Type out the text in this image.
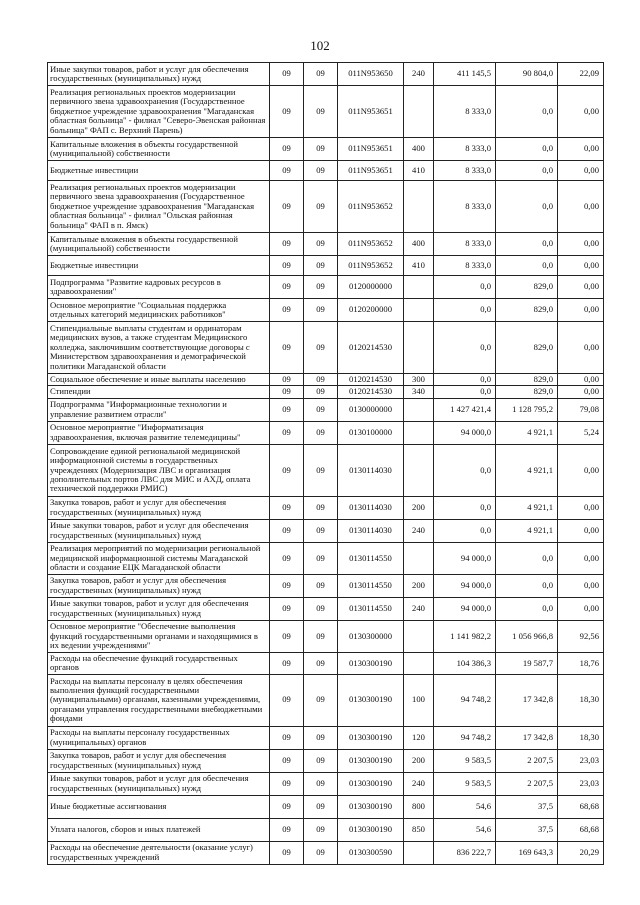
102
Иные закупки товаров, работ и услуг для обеспечения государственных (муниципальных) нужд	09	09	011N953650	240	411 145,5	90 804,0	22,09
Реализация региональных проектов модернизации первичного звена здравоохранения (Государственное бюджетное учреждение здравоохранения "Магаданская областная больница" - филиал "Северо-Эвенская районная больница" ФАП с. Верхний Парень)	09	09	011N953651		8 333,0	0,0	0,00
Капитальные вложения в объекты государственной (муниципальной) собственности	09	09	011N953651	400	8 333,0	0,0	0,00
Бюджетные инвестиции	09	09	011N953651	410	8 333,0	0,0	0,00
Реализация региональных проектов модернизации первичного звена здравоохранения (Государственное бюджетное учреждение здравоохранения "Магаданская областная больница" - филиал "Ольская районная больница" ФАП в п. Ямск)	09	09	011N953652		8 333,0	0,0	0,00
Капитальные вложения в объекты государственной (муниципальной) собственности	09	09	011N953652	400	8 333,0	0,0	0,00
Бюджетные инвестиции	09	09	011N953652	410	8 333,0	0,0	0,00
Подпрограмма "Развитие кадровых ресурсов в здравоохранении"	09	09	0120000000		0,0	829,0	0,00
Основное мероприятие "Социальная поддержка отдельных категорий медицинских работников"	09	09	0120200000		0,0	829,0	0,00
Стипендиальные выплаты студентам и ординаторам медицинских вузов, а также студентам Медицинского колледжа, заключившим соответствующие договоры с Министерством здравоохранения и демографической политики Магаданской области	09	09	0120214530		0,0	829,0	0,00
Социальное обеспечение и иные выплаты населению	09	09	0120214530	300	0,0	829,0	0,00
Стипендии	09	09	0120214530	340	0,0	829,0	0,00
Подпрограмма "Информационные технологии и управление развитием отрасли"	09	09	0130000000		1 427 421,4	1 128 795,2	79,08
Основное мероприятие "Информатизация здравоохранения, включая развитие телемедицины"	09	09	0130100000		94 000,0	4 921,1	5,24
Сопровождение единой региональной медицинской информационной системы в государственных учреждениях (Модернизация ЛВС и организация дополнительных портов ЛВС для МИС и АХД, оплата технической поддержки РМИС)	09	09	0130114030		0,0	4 921,1	0,00
Закупка товаров, работ и услуг для обеспечения государственных (муниципальных) нужд	09	09	0130114030	200	0,0	4 921,1	0,00
Иные закупки товаров, работ и услуг для обеспечения государственных (муниципальных) нужд	09	09	0130114030	240	0,0	4 921,1	0,00
Реализация мероприятий по модернизации региональной медицинской информационной системы Магаданской области и создание ЕЦК Магаданской области	09	09	0130114550		94 000,0	0,0	0,00
Закупка товаров, работ и услуг для обеспечения государственных (муниципальных) нужд	09	09	0130114550	200	94 000,0	0,0	0,00
Иные закупки товаров, работ и услуг для обеспечения государственных (муниципальных) нужд	09	09	0130114550	240	94 000,0	0,0	0,00
Основное мероприятие "Обеспечение выполнения функций государственными органами и находящимися в их ведении учреждениями"	09	09	0130300000		1 141 982,2	1 056 966,8	92,56
Расходы на обеспечение функций государственных органов	09	09	0130300190		104 386,3	19 587,7	18,76
Расходы на выплаты персоналу в целях обеспечения выполнения функций государственными (муниципальными) органами, казенными учреждениями, органами управления государственными внебюджетными фондами	09	09	0130300190	100	94 748,2	17 342,8	18,30
Расходы на выплаты персоналу государственных (муниципальных) органов	09	09	0130300190	120	94 748,2	17 342,8	18,30
Закупка товаров, работ и услуг для обеспечения государственных (муниципальных) нужд	09	09	0130300190	200	9 583,5	2 207,5	23,03
Иные закупки товаров, работ и услуг для обеспечения государственных (муниципальных) нужд	09	09	0130300190	240	9 583,5	2 207,5	23,03
Иные бюджетные ассигнования	09	09	0130300190	800	54,6	37,5	68,68
Уплата налогов, сборов и иных платежей	09	09	0130300190	850	54,6	37,5	68,68
Расходы на обеспечение деятельности (оказание услуг) государственных учреждений	09	09	0130300590		836 222,7	169 643,3	20,29
